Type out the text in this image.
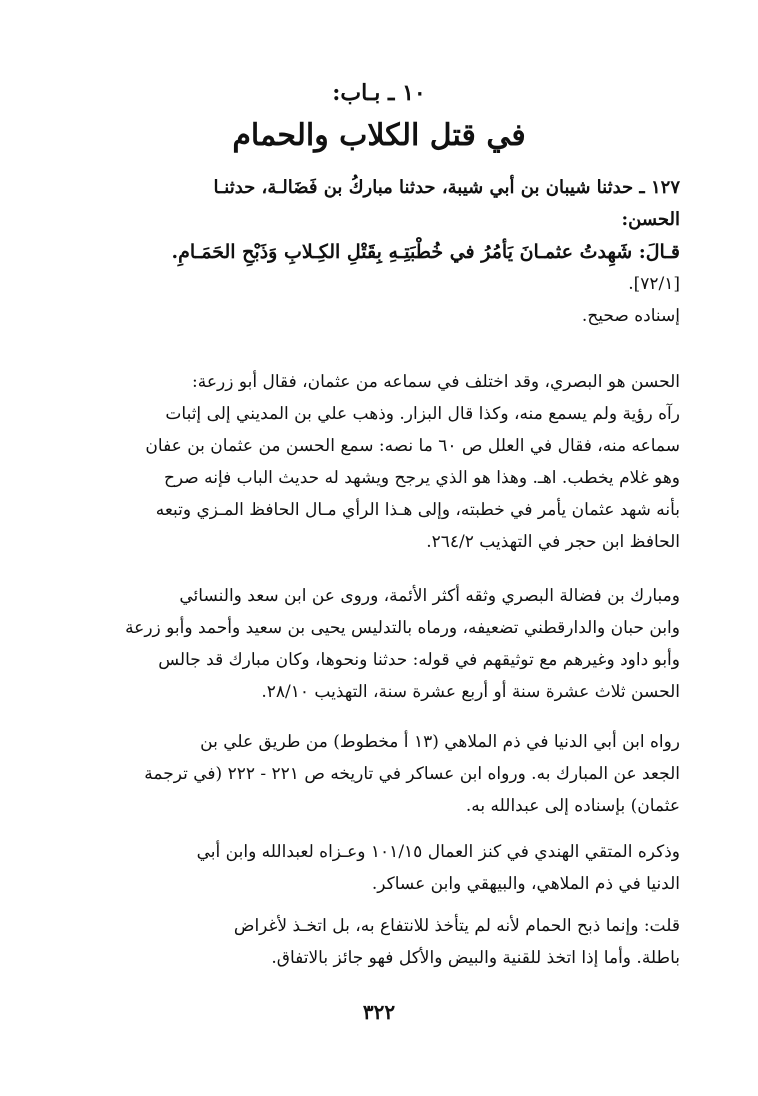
١٠ ـ بـاب:
في قتل الكلاب والحمام
١٢٧ ـ حدثنا شيبان بن أبي شيبة، حدثنا مباركُ بن فَضَالـة، حدثنـا
الحسن:
قـالَ: شَهِدتُ عثمـانَ يَأمُرُ في خُطْبَتِـهِ بِقَتْلِ الكِـلابِ وَذَبْحِ الحَمَـامِ.
[٧٢/١].
إسناده صحيح.
الحسن هو البصري، وقد اختلف في سماعه من عثمان، فقال أبو زرعة:
رآه رؤية ولم يسمع منه، وكذا قال البزار. وذهب علي بن المديني إلى إثبات
سماعه منه، فقال في العلل ص ٦٠ ما نصه: سمع الحسن من عثمان بن عفان
وهو غلام يخطب. اهـ. وهذا هو الذي يرجح ويشهد له حديث الباب فإنه صرح
بأنه شهد عثمان يأمر في خطبته، وإلى هـذا الرأي مـال الحافظ المـزي وتبعه
الحافظ ابن حجر في التهذيب ٢٦٤/٢.
ومبارك بن فضالة البصري وثقه أكثر الأئمة، وروى عن ابن سعد والنسائي
وابن حبان والدارقطني تضعيفه، ورماه بالتدليس يحيى بن سعيد وأحمد وأبو زرعة
وأبو داود وغيرهم مع توثيقهم في قوله: حدثنا ونحوها، وكان مبارك قد جالس
الحسن ثلاث عشرة سنة أو أربع عشرة سنة، التهذيب ٢٨/١٠.
رواه ابن أبي الدنيا في ذم الملاهي (١٣ أ مخطوط) من طريق علي بن
الجعد عن المبارك به. ورواه ابن عساكر في تاريخه ص ٢٢١ - ٢٢٢ (في ترجمة
عثمان) بإسناده إلى عبدالله به.
وذكره المتقي الهندي في كنز العمال ١٠١/١٥ وعـزاه لعبدالله وابن أبي
الدنيا في ذم الملاهي، والبيهقي وابن عساكر.
قلت: وإنما ذبح الحمام لأنه لم يتأخذ للانتفاع به، بل اتخـذ لأغراض
باطلة. وأما إذا اتخذ للقنية والبيض والأكل فهو جائز بالاتفاق.
٣٢٢
